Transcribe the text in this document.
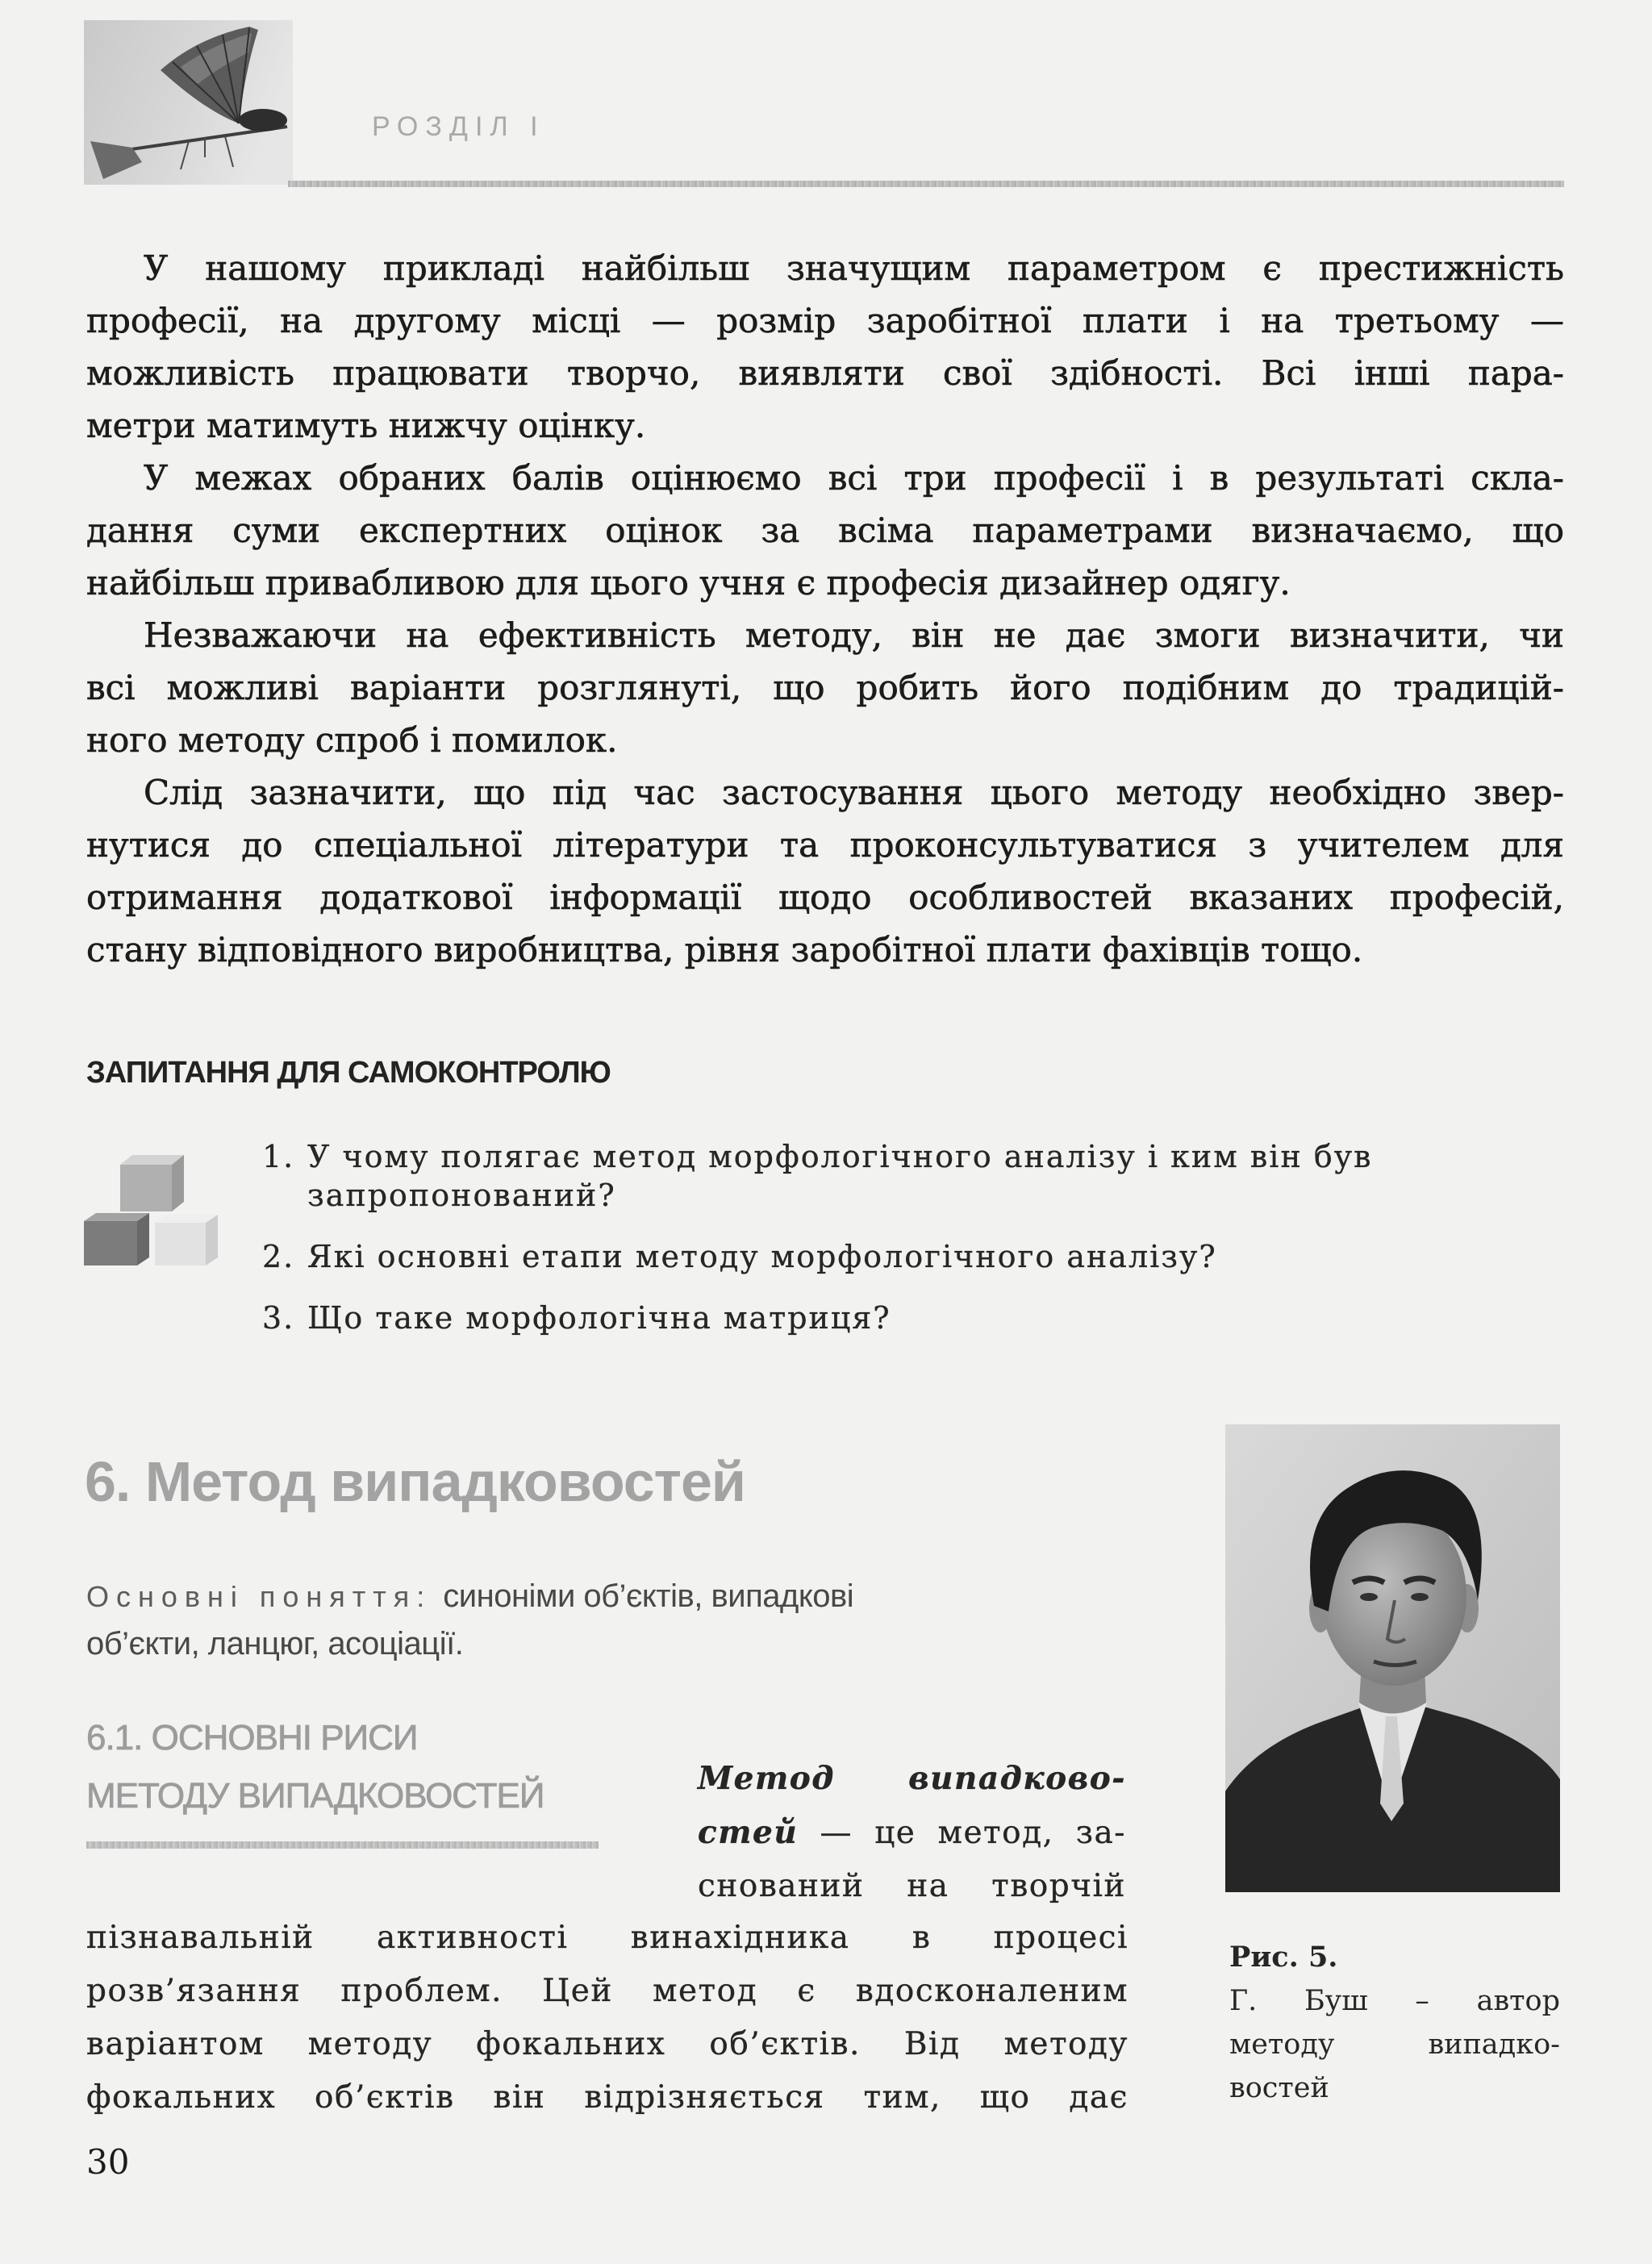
РОЗДІЛ І
У нашому прикладі найбільш значущим параметром є престижність
професії, на другому місці — розмір заробітної плати і на третьому —
можливість працювати творчо, виявляти свої здібності. Всі інші пара-
метри матимуть нижчу оцінку.
У межах обраних балів оцінюємо всі три професії і в результаті скла-
дання суми експертних оцінок за всіма параметрами визначаємо, що
найбільш привабливою для цього учня є професія дизайнер одягу.
Незважаючи на ефективність методу, він не дає змоги визначити, чи
всі можливі варіанти розглянуті, що робить його подібним до традицій-
ного методу спроб і помилок.
Слід зазначити, що під час застосування цього методу необхідно звер-
нутися до спеціальної літератури та проконсультуватися з учителем для
отримання додаткової інформації щодо особливостей вказаних професій,
стану відповідного виробництва, рівня заробітної плати фахівців тощо.
ЗАПИТАННЯ ДЛЯ САМОКОНТРОЛЮ
1. У чому полягає метод морфологічного аналізу і ким він був
запропонований?
2. Які основні етапи методу морфологічного аналізу?
3. Що таке морфологічна матриця?
6. Метод випадковостей
Основні поняття: синоніми об’єктів, випадкові
об’єкти, ланцюг, асоціації.
6.1. ОСНОВНІ РИСИ
МЕТОДУ ВИПАДКОВОСТЕЙ	Метод випадково-
стей — це метод, за-
снований на творчій
пізнавальній активності винахідника в процесі
розв’язання проблем. Цей метод є вдосконаленим
варіантом методу фокальних об’єктів. Від методу
фокальних об’єктів він відрізняється тим, що дає
Рис. 5.
Г. Буш – автор
методу випадко-
востей
30
